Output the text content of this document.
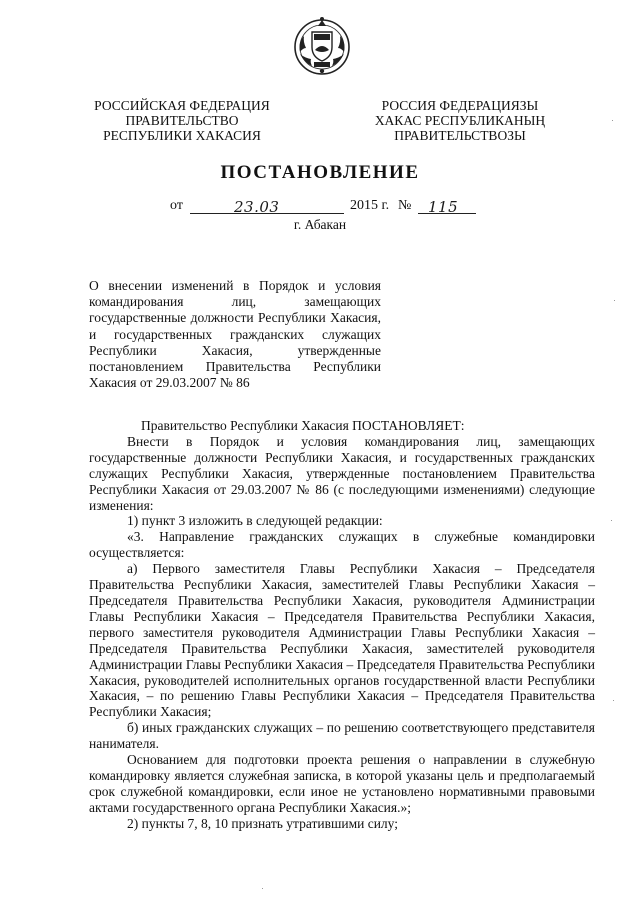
РОССИЙСКАЯ ФЕДЕРАЦИЯ
ПРАВИТЕЛЬСТВО
РЕСПУБЛИКИ ХАКАСИЯ
РОССИЯ ФЕДЕРАЦИЯЗЫ
ХАКАС РЕСПУБЛИКАНЫҢ
ПРАВИТЕЛЬСТВОЗЫ
ПОСТАНОВЛЕНИЕ
от	23.03	2015 г. № 115
г. Абакан
О внесении изменений в Порядок и условия командирования лиц, замещающих государственные должности Республики Хакасия, и государственных гражданских служащих Республики Хакасия, утвержденные постановлением Правительства Республики Хакасия от 29.03.2007 № 86

Правительство Республики Хакасия ПОСТАНОВЛЯЕТ:

Внести в Порядок и условия командирования лиц, замещающих государственные должности Республики Хакасия, и государственных гражданских служащих Республики Хакасия, утвержденные постановлением Правительства Республики Хакасия от 29.03.2007 № 86 (с последующими изменениями) следующие изменения:

1) пункт 3 изложить в следующей редакции:

«3. Направление гражданских служащих в служебные командировки осуществляется:

а) Первого заместителя Главы Республики Хакасия – Председателя Правительства Республики Хакасия, заместителей Главы Республики Хакасия – Председателя Правительства Республики Хакасия, руководителя Администрации Главы Республики Хакасия – Председателя Правительства Республики Хакасия, первого заместителя руководителя Администрации Главы Республики Хакасия – Председателя Правительства Республики Хакасия, заместителей руководителя Администрации Главы Республики Хакасия – Председателя Правительства Республики Хакасия, руководителей исполнительных органов государственной власти Республики Хакасия, – по решению Главы Республики Хакасия – Председателя Правительства Республики Хакасия;

б) иных гражданских служащих – по решению соответствующего представителя нанимателя.

Основанием для подготовки проекта решения о направлении в служебную командировку является служебная записка, в которой указаны цель и предполагаемый срок служебной командировки, если иное не установлено нормативными правовыми актами государственного органа Республики Хакасия.»;

2) пункты 7, 8, 10 признать утратившими силу;
